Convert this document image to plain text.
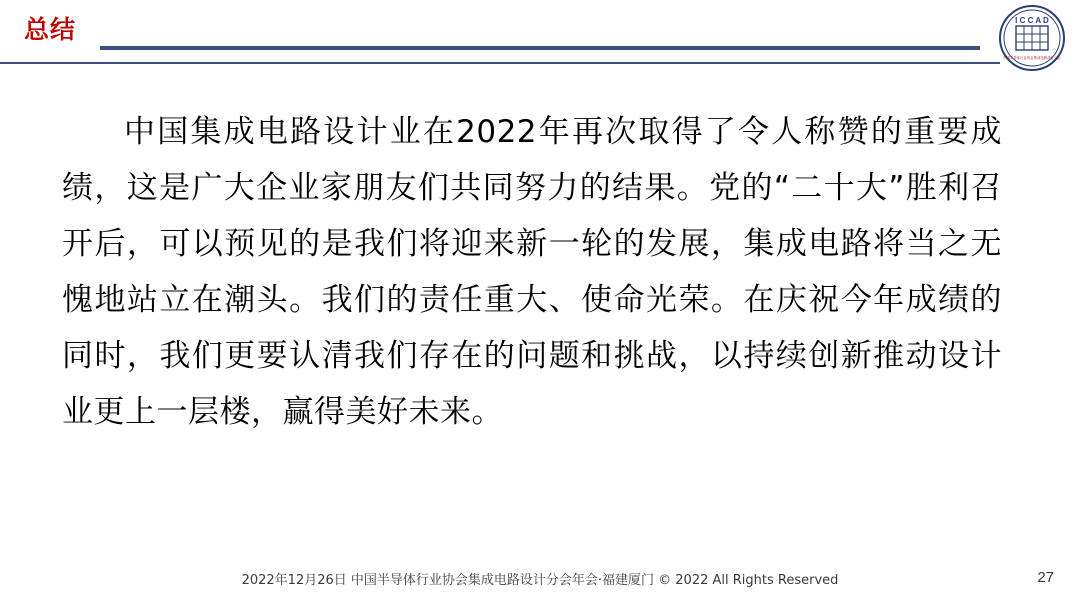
总结	I C C A D
中国半导体行业协会集成电路设计分会
中国集成电路设计业在2022年再次取得了令人称赞的重要成绩，这是广大企业家朋友们共同努力的结果。党的“二十大”胜利召开后，可以预见的是我们将迎来新一轮的发展，集成电路将当之无愧地站立在潮头。我们的责任重大、使命光荣。在庆祝今年成绩的同时，我们更要认清我们存在的问题和挑战，以持续创新推动设计业更上一层楼，赢得美好未来。
2022年12月26日 中国半导体行业协会集成电路设计分会年会·福建厦门 © 2022 All Rights Reserved	27
